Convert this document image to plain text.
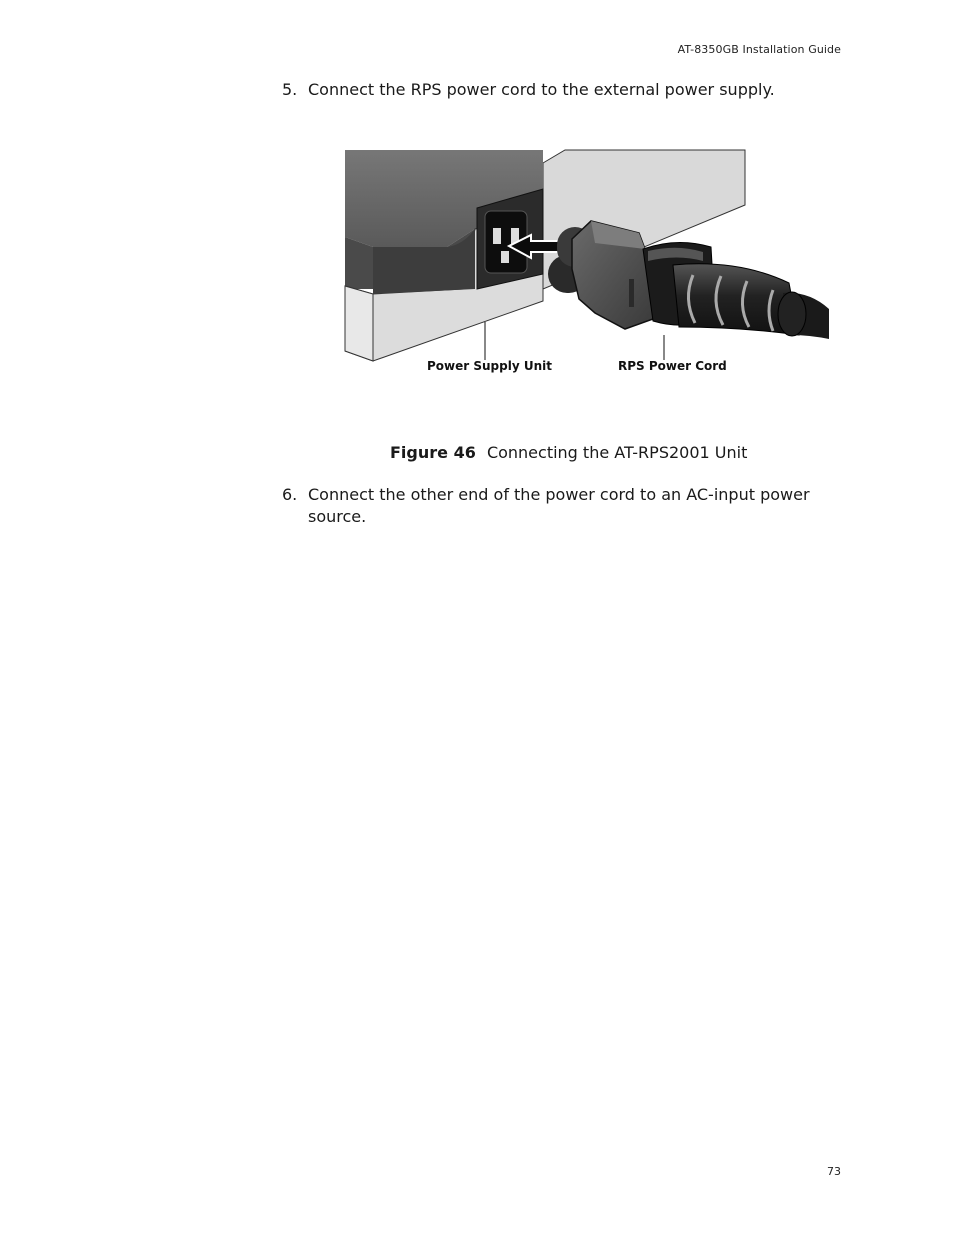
AT-8350GB Installation Guide
5. Connect the RPS power cord to the external power supply.
Power Supply Unit	RPS Power Cord
Figure 46 Connecting the AT-RPS2001 Unit
6. Connect the other end of the power cord to an AC-input power source.
73
